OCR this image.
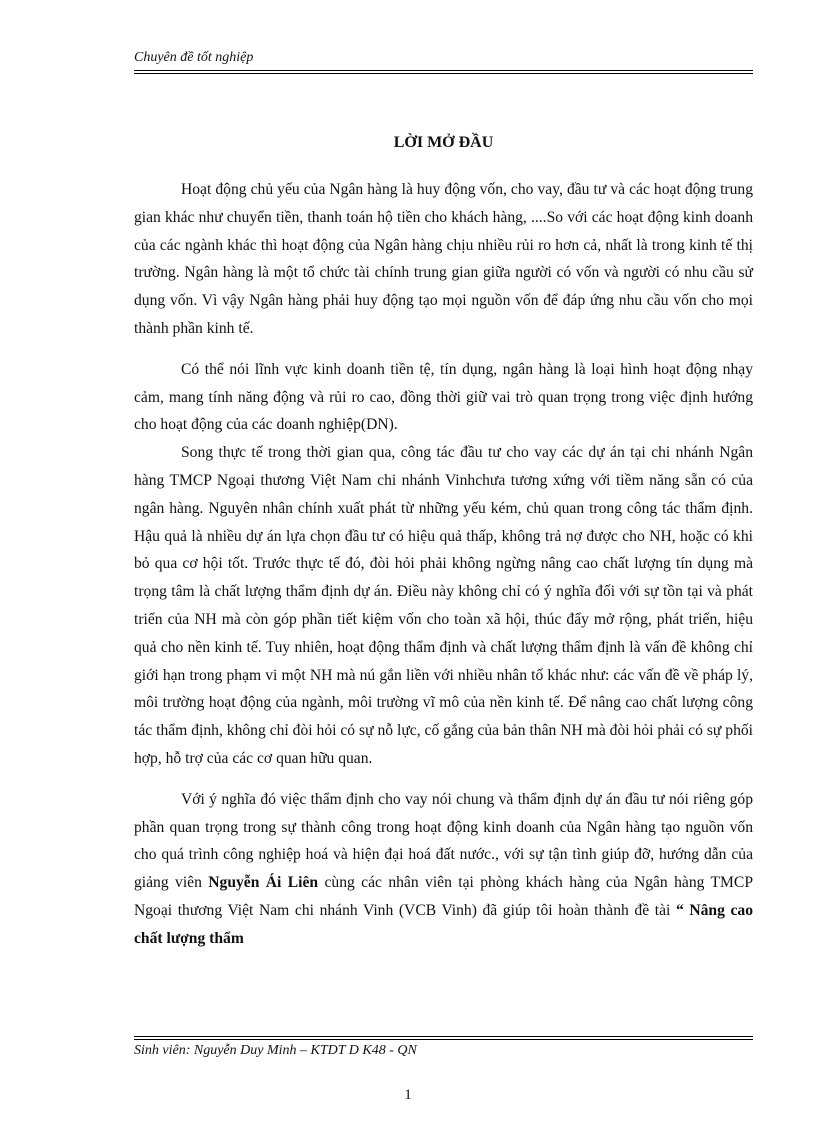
Chuyên đề tốt nghiệp
LỜI MỞ ĐẦU

Hoạt động chủ yếu của Ngân hàng là huy động vốn, cho vay, đầu tư và các hoạt động trung gian khác như chuyển tiền, thanh toán hộ tiền cho khách hàng, ....So với các hoạt động kinh doanh của các ngành khác thì hoạt động của Ngân hàng chịu nhiều rủi ro hơn cả, nhất là trong kinh tế thị trường. Ngân hàng là một tổ chức tài chính trung gian giữa người có vốn và người có nhu cầu sử dụng vốn. Vì vậy Ngân hàng phải huy động tạo mọi nguồn vốn để đáp ứng nhu cầu vốn cho mọi thành phần kinh tế.

Có thể nói lĩnh vực kinh doanh tiền tệ, tín dụng, ngân hàng là loại hình hoạt động nhạy cảm, mang tính năng động và rủi ro cao, đồng thời giữ vai trò quan trọng trong việc định hướng cho hoạt động của các doanh nghiệp(DN).

Song thực tế trong thời gian qua, công tác đầu tư cho vay các dự án tại chi nhánh Ngân hàng TMCP Ngoại thương Việt Nam chi nhánh Vinhchưa tương xứng với tiềm năng sẵn có của ngân hàng. Nguyên nhân chính xuất phát từ những yếu kém, chủ quan trong công tác thẩm định. Hậu quả là nhiều dự án lựa chọn đầu tư có hiệu quả thấp, không trả nợ được cho NH, hoặc có khi bỏ qua cơ hội tốt. Trước thực tế đó, đòi hỏi phải không ngừng nâng cao chất lượng tín dụng mà trọng tâm là chất lượng thẩm định dự án. Điều này không chỉ có ý nghĩa đối với sự tồn tại và phát triển của NH mà còn góp phần tiết kiệm vốn cho toàn xã hội, thúc đẩy mở rộng, phát triển, hiệu quả cho nền kinh tế. Tuy nhiên, hoạt động thẩm định và chất lượng thẩm định là vấn đề không chỉ giới hạn trong phạm vi một NH mà nú gắn liền với nhiều nhân tố khác như: các vấn đề về pháp lý, môi trường hoạt động của ngành, môi trường vĩ mô của nền kinh tế. Để nâng cao chất lượng công tác thẩm định, không chỉ đòi hỏi có sự nỗ lực, cố gắng của bản thân NH mà đòi hỏi phải có sự phối hợp, hỗ trợ của các cơ quan hữu quan.

Với ý nghĩa đó việc thẩm định cho vay nói chung và thẩm định dự án đầu tư nói riêng góp phần quan trọng trong sự thành công trong hoạt động kinh doanh của Ngân hàng tạo nguồn vốn cho quá trình công nghiệp hoá và hiện đại hoá đất nước., với sự tận tình giúp đỡ, hướng dẫn của giảng viên Nguyễn Ái Liên cùng các nhân viên tại phòng khách hàng của Ngân hàng TMCP Ngoại thương Việt Nam chi nhánh Vinh (VCB Vinh) đã giúp tôi hoàn thành đề tài “ Nâng cao chất lượng thẩm

Sinh viên: Nguyễn Duy Minh – KTDT D K48 - QN
1
